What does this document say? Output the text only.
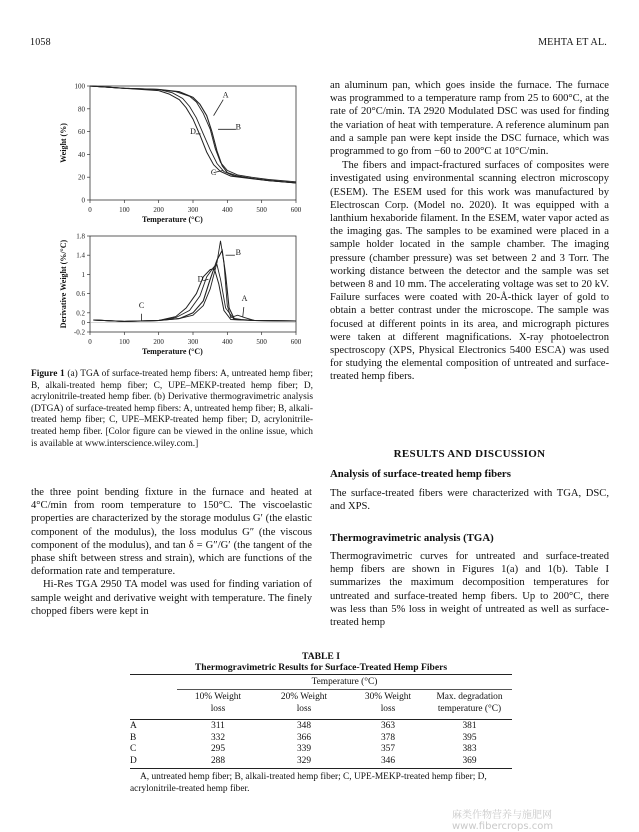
1058	MEHTA ET AL.
0	100	200	300	400	500	600
0
20
40
60
80
100
Temperature (°C)
Weight (%)
A
B
C
D
0	100	200	300	400	500	600
-0.2
0
0.2
0.6
1
1.4
1.8
Temperature (°C)
Derivative Weight (%/°C)	A
B
C
D
Figure 1 (a) TGA of surface-treated hemp fibers: A, untreated hemp fiber; B, alkali-treated hemp fiber; C, UPE–MEKP-treated hemp fiber; D, acrylonitrile-treated hemp fiber. (b) Derivative thermogravimetric analysis (DTGA) of surface-treated hemp fibers: A, untreated hemp fiber; B, alkali-treated hemp fiber; C, UPE–MEKP-treated hemp fiber; D, acrylonitrile-treated hemp fiber. [Color figure can be viewed in the online issue, which is available at www.interscience.wiley.com.]

the three point bending fixture in the furnace and heated at 4°C/min from room temperature to 150°C. The viscoelastic properties are characterized by the storage modulus G′ (the elastic component of the modulus), the loss modulus G″ (the viscous component of the modulus), and tan δ = G″/G′ (the tangent of the phase shift between stress and strain), which are functions of the deformation rate and temperature.

Hi-Res TGA 2950 TA model was used for finding variation of sample weight and derivative weight with temperature. The finely chopped fibers were kept in

an aluminum pan, which goes inside the furnace. The furnace was programmed to a temperature ramp from 25 to 600°C, at the rate of 20°C/min. TA 2920 Modulated DSC was used for finding the variation of heat with temperature. A reference aluminum pan and a sample pan were kept inside the DSC furnace, which was programmed to go from −60 to 200°C at 10°C/min.

The fibers and impact-fractured surfaces of composites were investigated using environmental scanning electron microscopy (ESEM). The ESEM used for this work was manufactured by Electroscan Corp. (Model no. 2020). It was equipped with a lanthium hexaboride filament. In the ESEM, water vapor acted as the imaging gas. The samples to be examined were placed in a sample holder located in the sample chamber. The imaging pressure (chamber pressure) was set between 2 and 3 Torr. The working distance between the detector and the sample was set between 8 and 10 mm. The accelerating voltage was set to 20 kV. Failure surfaces were coated with 20-Å-thick layer of gold to obtain a better contrast under the microscope. The sample was focused at different points in its area, and micrograph pictures were taken at different magnifications. X-ray photoelectron spectroscopy (XPS, Physical Electronics 5400 ESCA) was used for studying the elemental composition of untreated and surface-treated hemp fibers.

RESULTS AND DISCUSSION
Analysis of surface-treated hemp fibers
The surface-treated fibers were characterized with TGA, DSC, and XPS.
Thermogravimetric analysis (TGA)
Thermogravimetric curves for untreated and surface-treated hemp fibers are shown in Figures 1(a) and 1(b). Table I summarizes the maximum decomposition temperatures for untreated and surface-treated hemp fibers. Up to 200°C, there was less than 5% loss in weight of untreated as well as surface-treated hemp
TABLE I
Thermogravimetric Results for Surface-Treated Hemp Fibers
Temperature (°C)
	10% Weight
loss	20% Weight
loss	30% Weight
loss	Max. degradation
temperature (°C)
A	311	348	363	381
B	332	366	378	395
C	295	339	357	383
D	288	329	346	369
A, untreated hemp fiber; B, alkali-treated hemp fiber; C, UPE-MEKP-treated hemp fiber; D, acrylonitrile-treated hemp fiber.
麻类作物营养与施肥网 www.fibercrops.com
